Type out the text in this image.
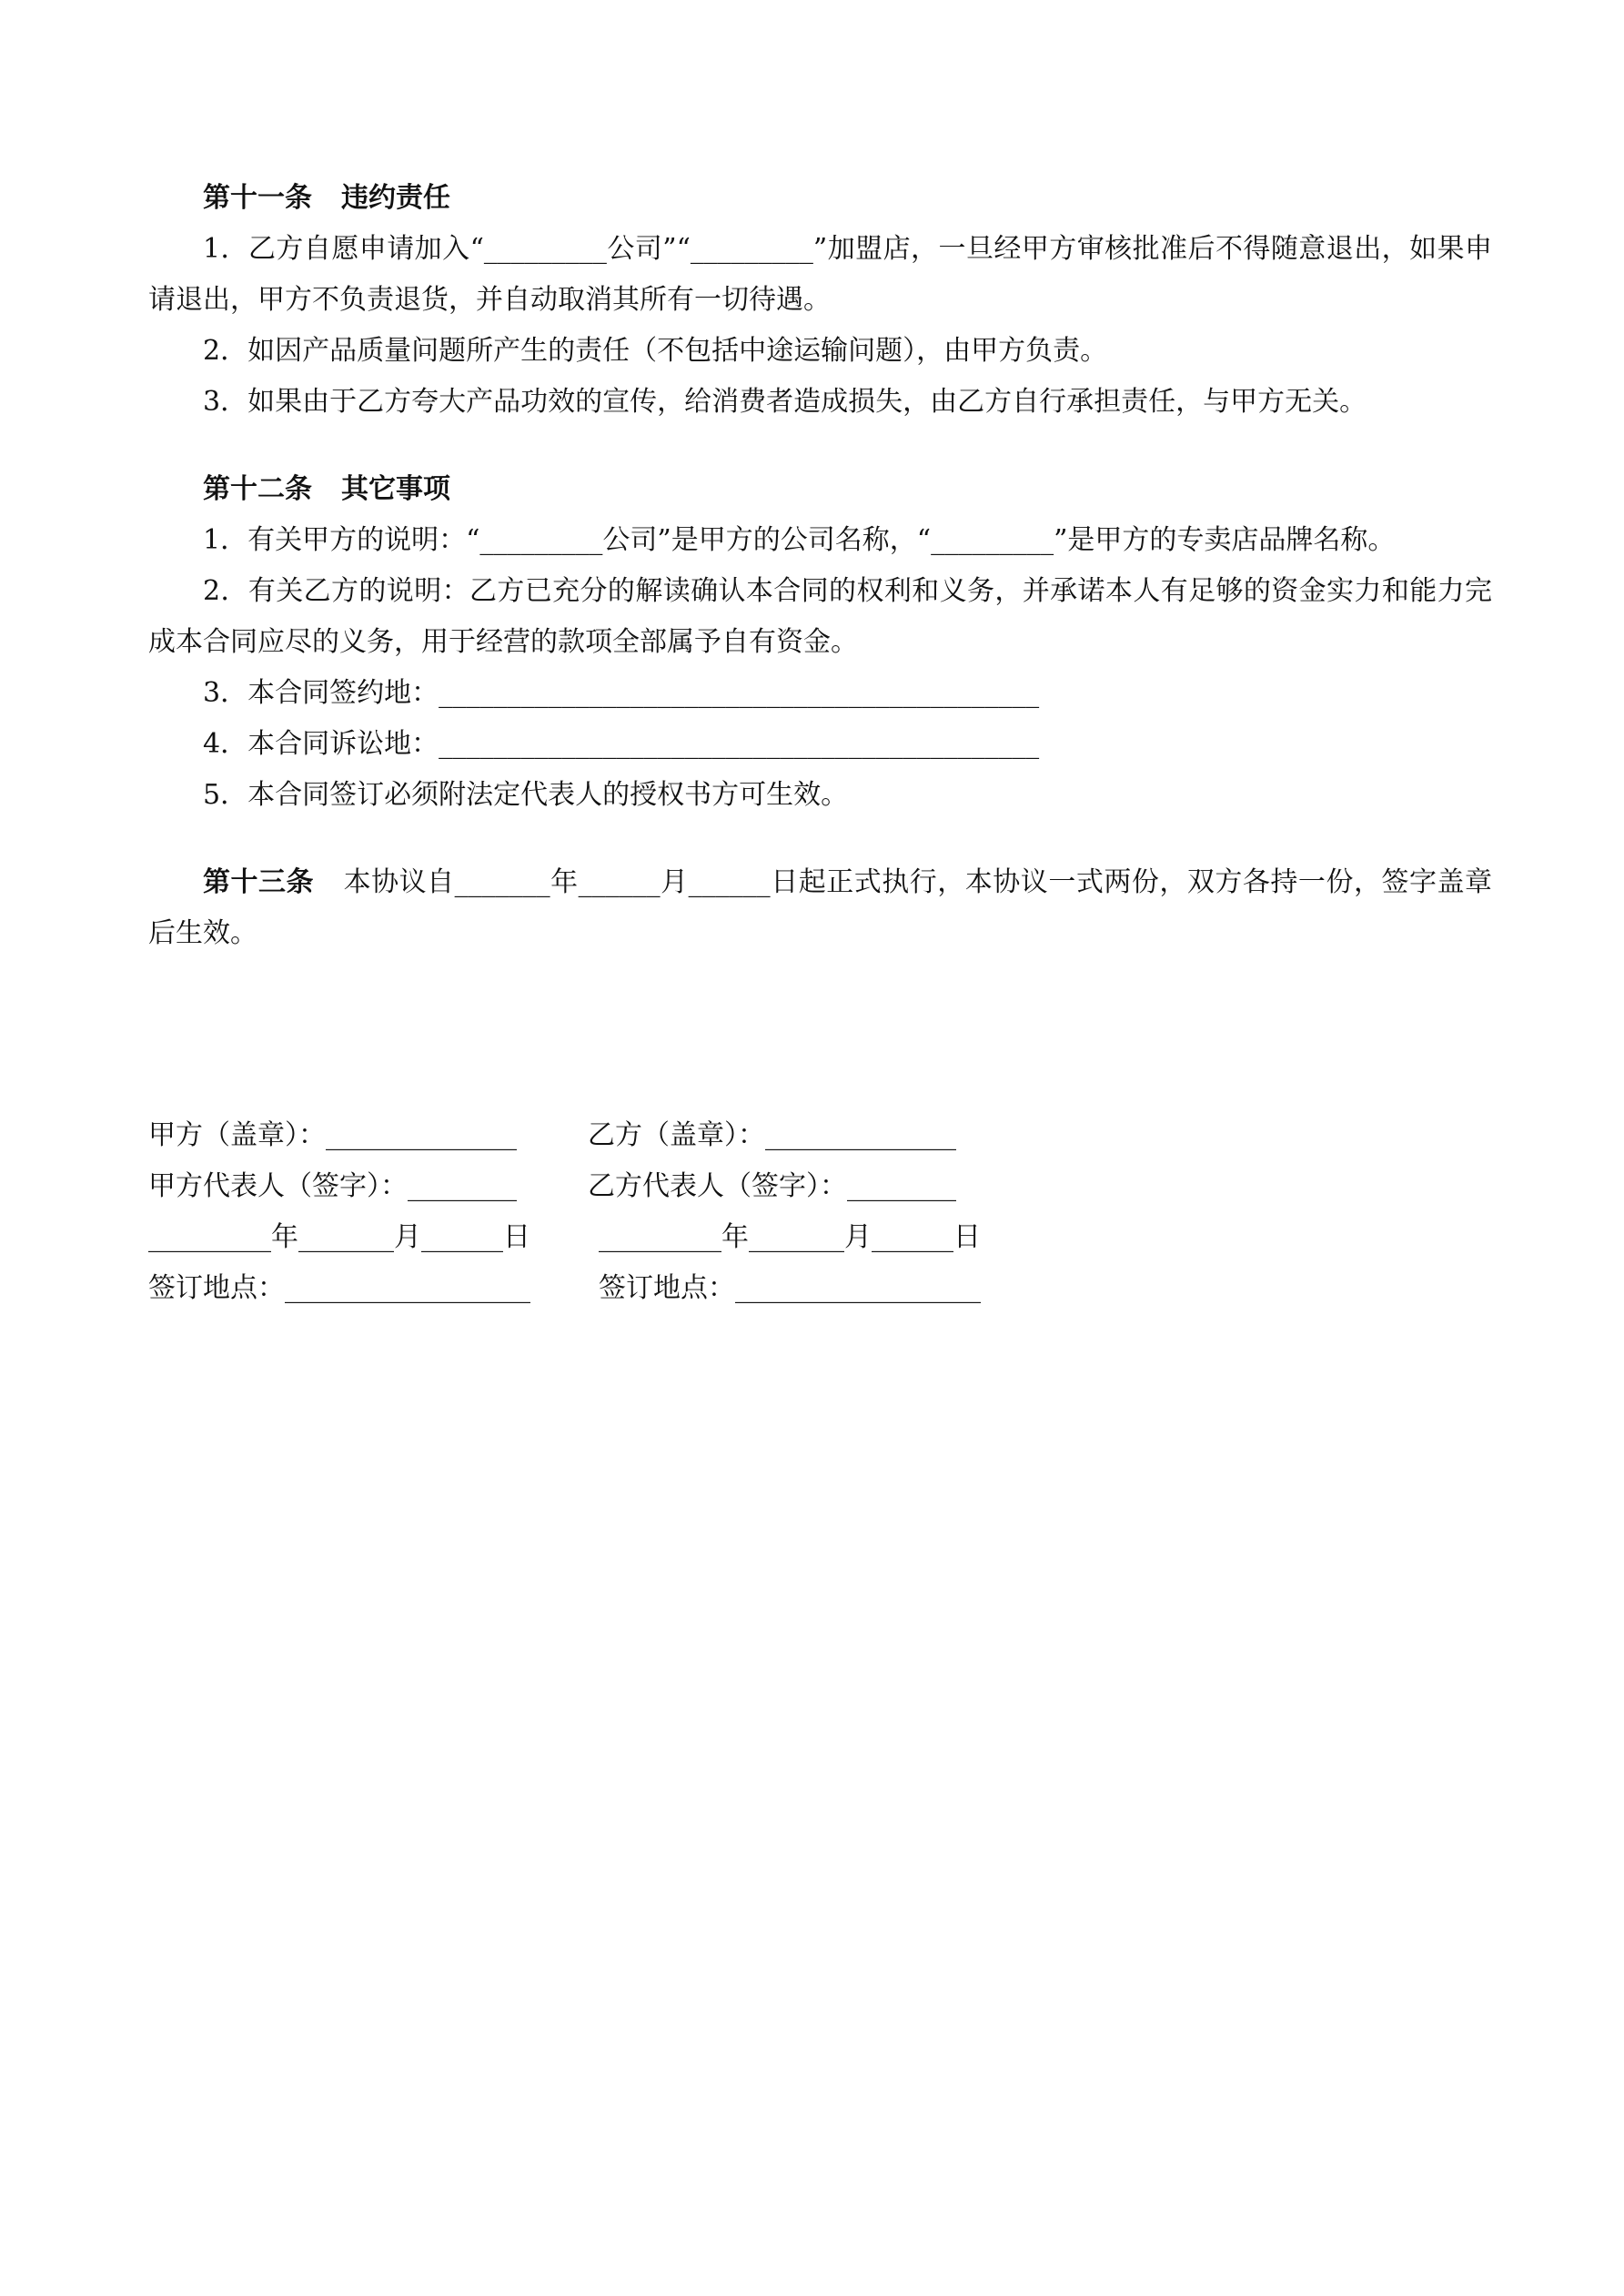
第十一条 违约责任

1．乙方自愿申请加入“_________公司”“_________”加盟店，一旦经甲方审核批准后不得随意退出，如果申请退出，甲方不负责退货，并自动取消其所有一切待遇。

2．如因产品质量问题所产生的责任（不包括中途运输问题），由甲方负责。

3．如果由于乙方夸大产品功效的宣传，给消费者造成损失，由乙方自行承担责任，与甲方无关。

第十二条 其它事项

1．有关甲方的说明：“_________公司”是甲方的公司名称，“_________”是甲方的专卖店品牌名称。

2．有关乙方的说明：乙方已充分的解读确认本合同的权利和义务，并承诺本人有足够的资金实力和能力完成本合同应尽的义务，用于经营的款项全部属予自有资金。

3．本合同签约地：____________________________________________

4．本合同诉讼地：____________________________________________

5．本合同签订必须附法定代表人的授权书方可生效。

第十三条 本协议自_______年______月______日起正式执行，本协议一式两份，双方各持一份，签字盖章后生效。

甲方（盖章）：______________	乙方（盖章）：______________
甲方代表人（签字）：________	乙方代表人（签字）：________
_________年_______月______日	_________年_______月______日
签订地点：__________________	签订地点：__________________
